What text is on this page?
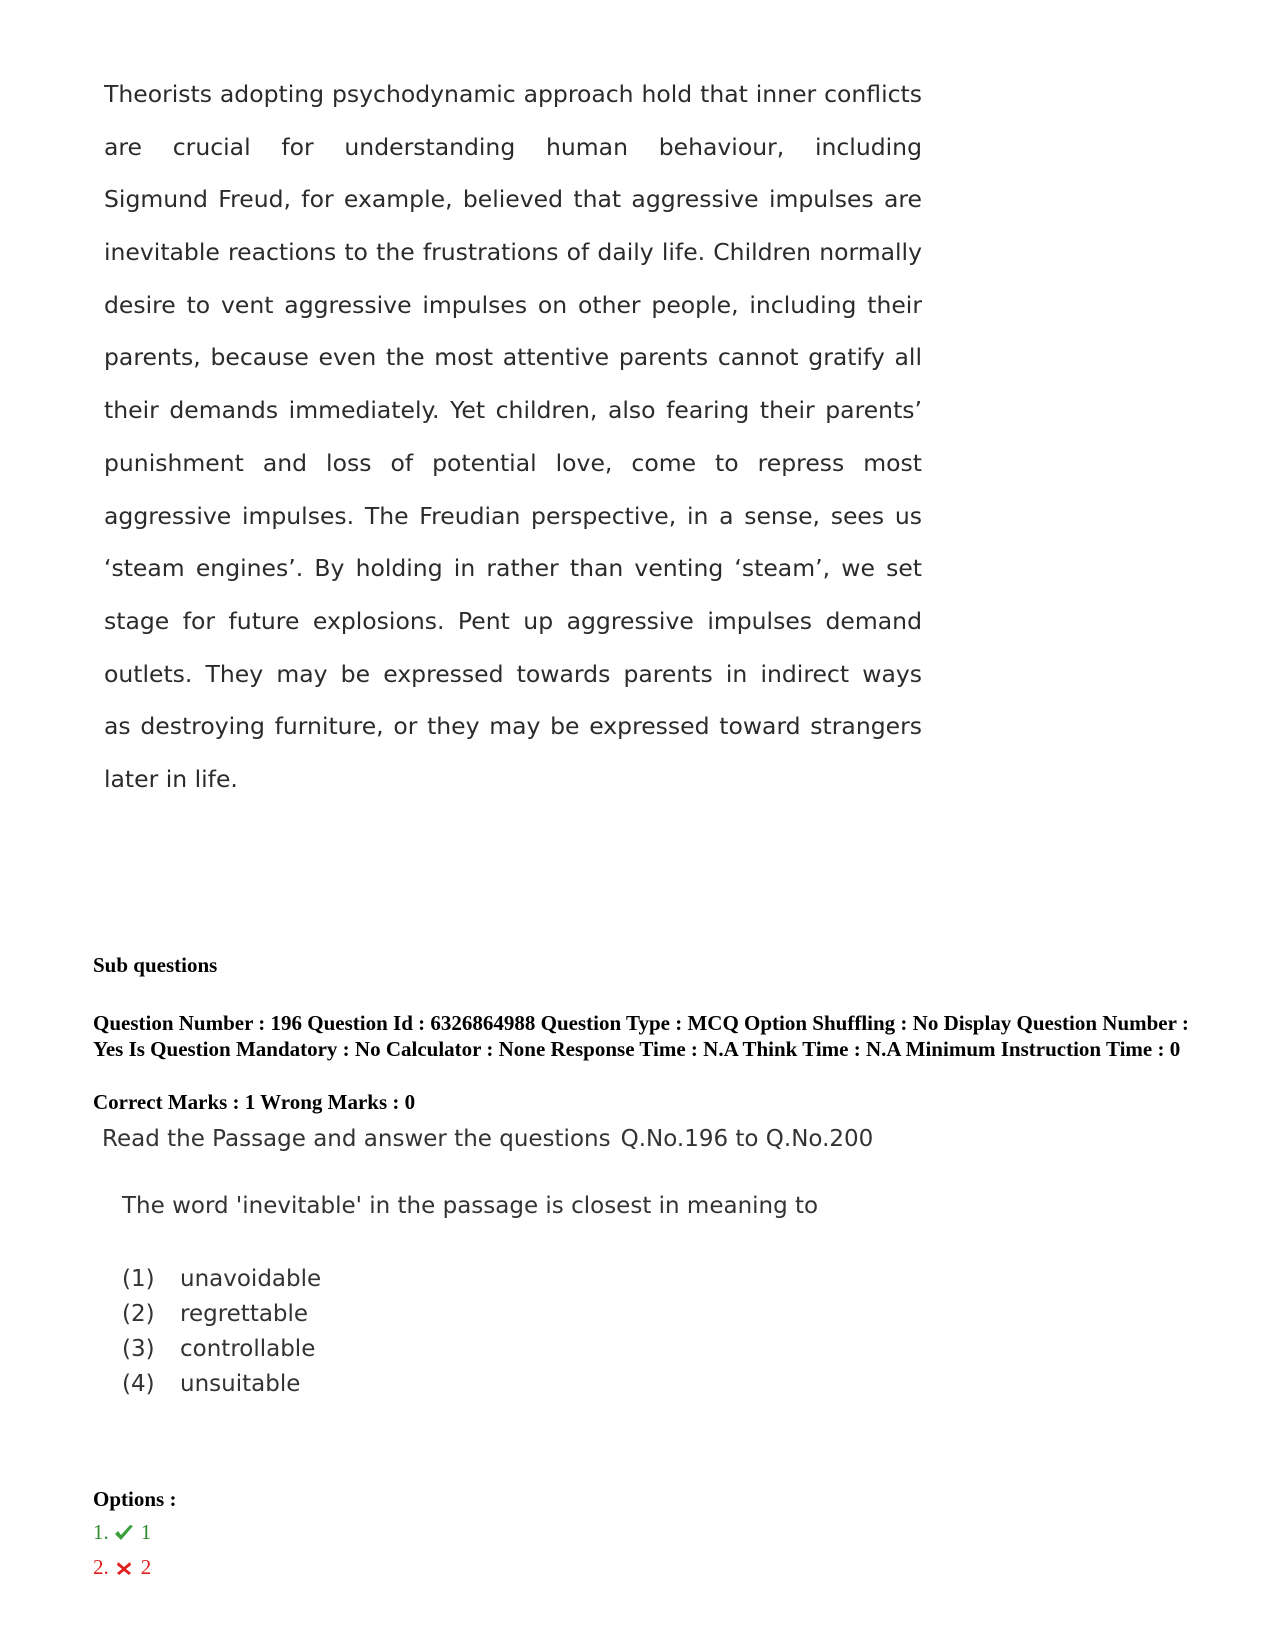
Theorists adopting psychodynamic approach hold that inner conflicts
are crucial for understanding human behaviour, including
Sigmund Freud, for example, believed that aggressive impulses are
inevitable reactions to the frustrations of daily life. Children normally
desire to vent aggressive impulses on other people, including their
parents, because even the most attentive parents cannot gratify all
their demands immediately. Yet children, also fearing their parents’
punishment and loss of potential love, come to repress most
aggressive impulses. The Freudian perspective, in a sense, sees us
‘steam engines’. By holding in rather than venting ‘steam’, we set
stage for future explosions. Pent up aggressive impulses demand
outlets. They may be expressed towards parents in indirect ways
as destroying furniture, or they may be expressed toward strangers
later in life.
Sub questions
Question Number : 196 Question Id : 6326864988 Question Type : MCQ Option Shuffling : No Display Question Number : Yes Is Question Mandatory : No Calculator : None Response Time : N.A Think Time : N.A Minimum Instruction Time : 0
Correct Marks : 1 Wrong Marks : 0
Read the Passage and answer the questions Q.No.196 to Q.No.200
The word 'inevitable' in the passage is closest in meaning to
(1)	unavoidable
(2)	regrettable
(3)	controllable
(4)	unsuitable
Options :
1. 1
2. 2
